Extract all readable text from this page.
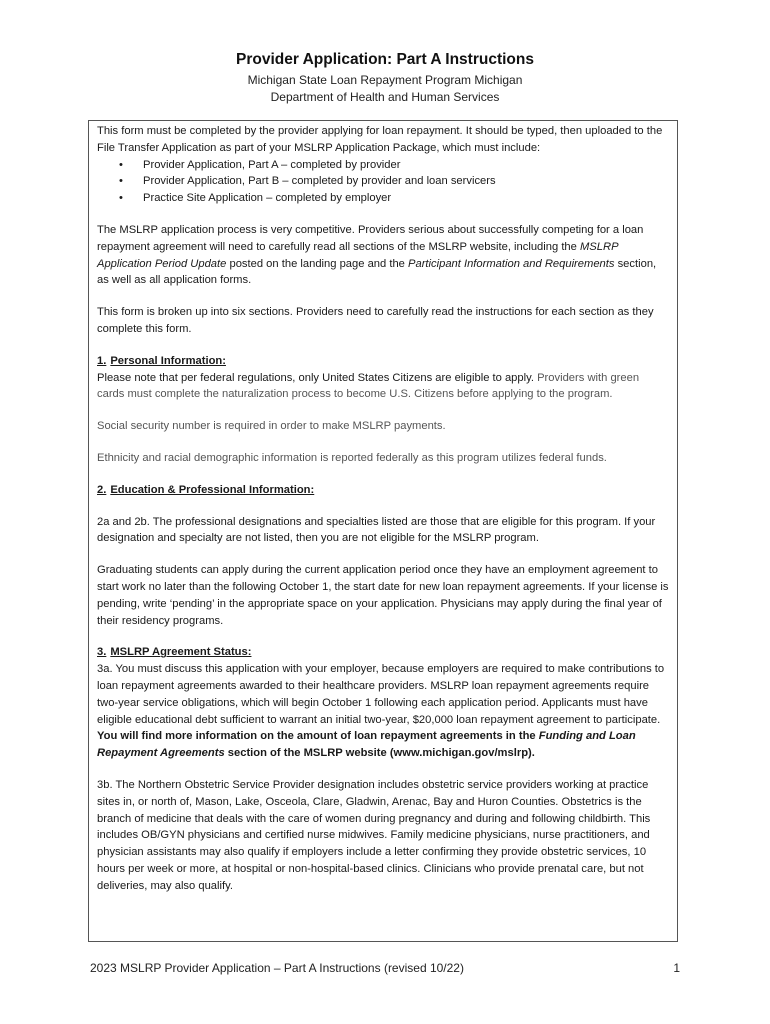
Provider Application: Part A Instructions
Michigan State Loan Repayment Program Michigan
Department of Health and Human Services

This form must be completed by the provider applying for loan repayment. It should be typed, then uploaded to the File Transfer Application as part of your MSLRP Application Package, which must include:

• Provider Application, Part A – completed by provider
• Provider Application, Part B – completed by provider and loan servicers
• Practice Site Application – completed by employer

The MSLRP application process is very competitive. Providers serious about successfully competing for a loan repayment agreement will need to carefully read all sections of the MSLRP website, including the MSLRP Application Period Update posted on the landing page and the Participant Information and Requirements section, as well as all application forms.

This form is broken up into six sections. Providers need to carefully read the instructions for each section as they complete this form.

1. Personal Information:

Please note that per federal regulations, only United States Citizens are eligible to apply. Providers with green cards must complete the naturalization process to become U.S. Citizens before applying to the program.

Social security number is required in order to make MSLRP payments.

Ethnicity and racial demographic information is reported federally as this program utilizes federal funds.

2. Education & Professional Information:

2a and 2b. The professional designations and specialties listed are those that are eligible for this program. If your designation and specialty are not listed, then you are not eligible for the MSLRP program.

Graduating students can apply during the current application period once they have an employment agreement to start work no later than the following October 1, the start date for new loan repayment agreements. If your license is pending, write ‘pending’ in the appropriate space on your application. Physicians may apply during the final year of their residency programs.

3. MSLRP Agreement Status:

3a. You must discuss this application with your employer, because employers are required to make contributions to loan repayment agreements awarded to their healthcare providers. MSLRP loan repayment agreements require two-year service obligations, which will begin October 1 following each application period. Applicants must have eligible educational debt sufficient to warrant an initial two-year, $20,000 loan repayment agreement to participate. You will find more information on the amount of loan repayment agreements in the Funding and Loan Repayment Agreements section of the MSLRP website (www.michigan.gov/mslrp).

3b. The Northern Obstetric Service Provider designation includes obstetric service providers working at practice sites in, or north of, Mason, Lake, Osceola, Clare, Gladwin, Arenac, Bay and Huron Counties. Obstetrics is the branch of medicine that deals with the care of women during pregnancy and during and following childbirth. This includes OB/GYN physicians and certified nurse midwives. Family medicine physicians, nurse practitioners, and physician assistants may also qualify if employers include a letter confirming they provide obstetric services, 10 hours per week or more, at hospital or non-hospital-based clinics. Clinicians who provide prenatal care, but not deliveries, may also qualify.

2023 MSLRP Provider Application – Part A Instructions (revised 10/22)	1
